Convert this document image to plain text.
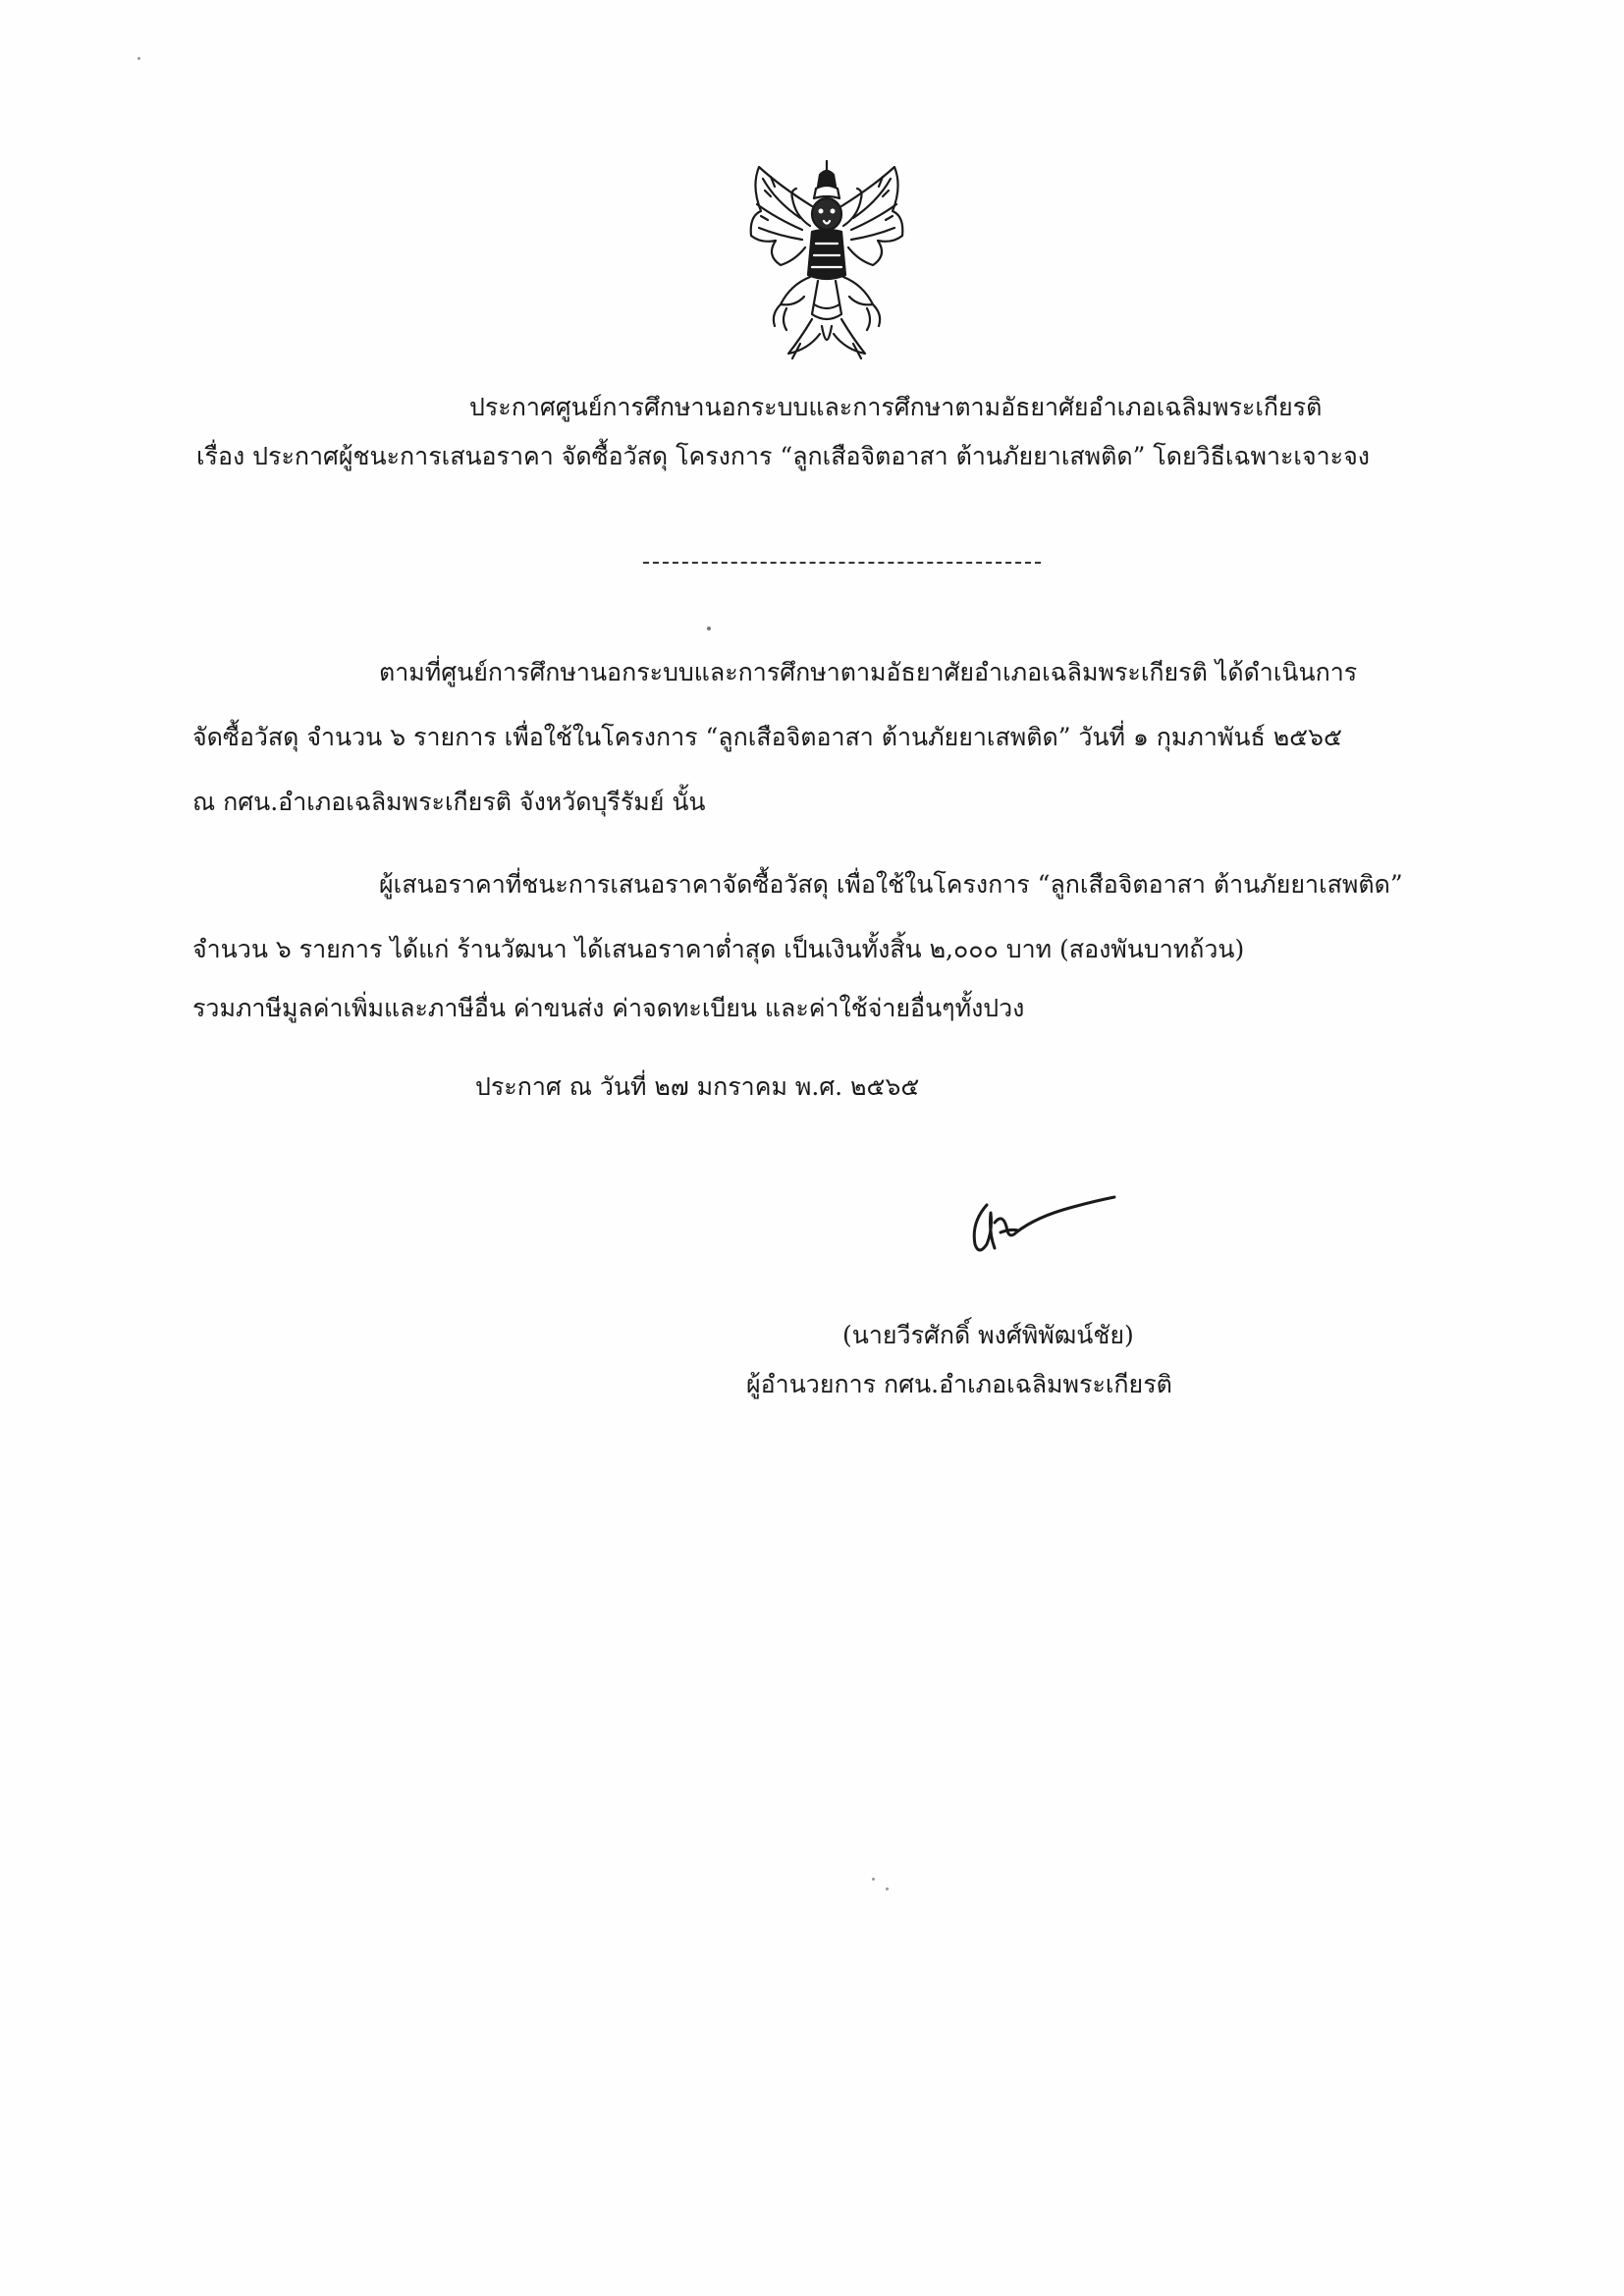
ประกาศศูนย์การศึกษานอกระบบและการศึกษาตามอัธยาศัยอำเภอเฉลิมพระเกียรติ
เรื่อง ประกาศผู้ชนะการเสนอราคา จัดซื้อวัสดุ โครงการ “ลูกเสือจิตอาสา ต้านภัยยาเสพติด” โดยวิธีเฉพาะเจาะจง
ตามที่ศูนย์การศึกษานอกระบบและการศึกษาตามอัธยาศัยอำเภอเฉลิมพระเกียรติ ได้ดำเนินการ
จัดซื้อวัสดุ จำนวน ๖ รายการ เพื่อใช้ในโครงการ “ลูกเสือจิตอาสา ต้านภัยยาเสพติด” วันที่ ๑ กุมภาพันธ์ ๒๕๖๕
ณ กศน.อำเภอเฉลิมพระเกียรติ จังหวัดบุรีรัมย์ นั้น
ผู้เสนอราคาที่ชนะการเสนอราคาจัดซื้อวัสดุ เพื่อใช้ในโครงการ “ลูกเสือจิตอาสา ต้านภัยยาเสพติด”
จำนวน ๖ รายการ ได้แก่ ร้านวัฒนา ได้เสนอราคาต่ำสุด เป็นเงินทั้งสิ้น ๒,๐๐๐ บาท (สองพันบาทถ้วน)
รวมภาษีมูลค่าเพิ่มและภาษีอื่น ค่าขนส่ง ค่าจดทะเบียน และค่าใช้จ่ายอื่นๆทั้งปวง
ประกาศ ณ วันที่ ๒๗ มกราคม พ.ศ. ๒๕๖๕
(นายวีรศักดิ์ พงศ์พิพัฒน์ชัย)
ผู้อำนวยการ กศน.อำเภอเฉลิมพระเกียรติ
